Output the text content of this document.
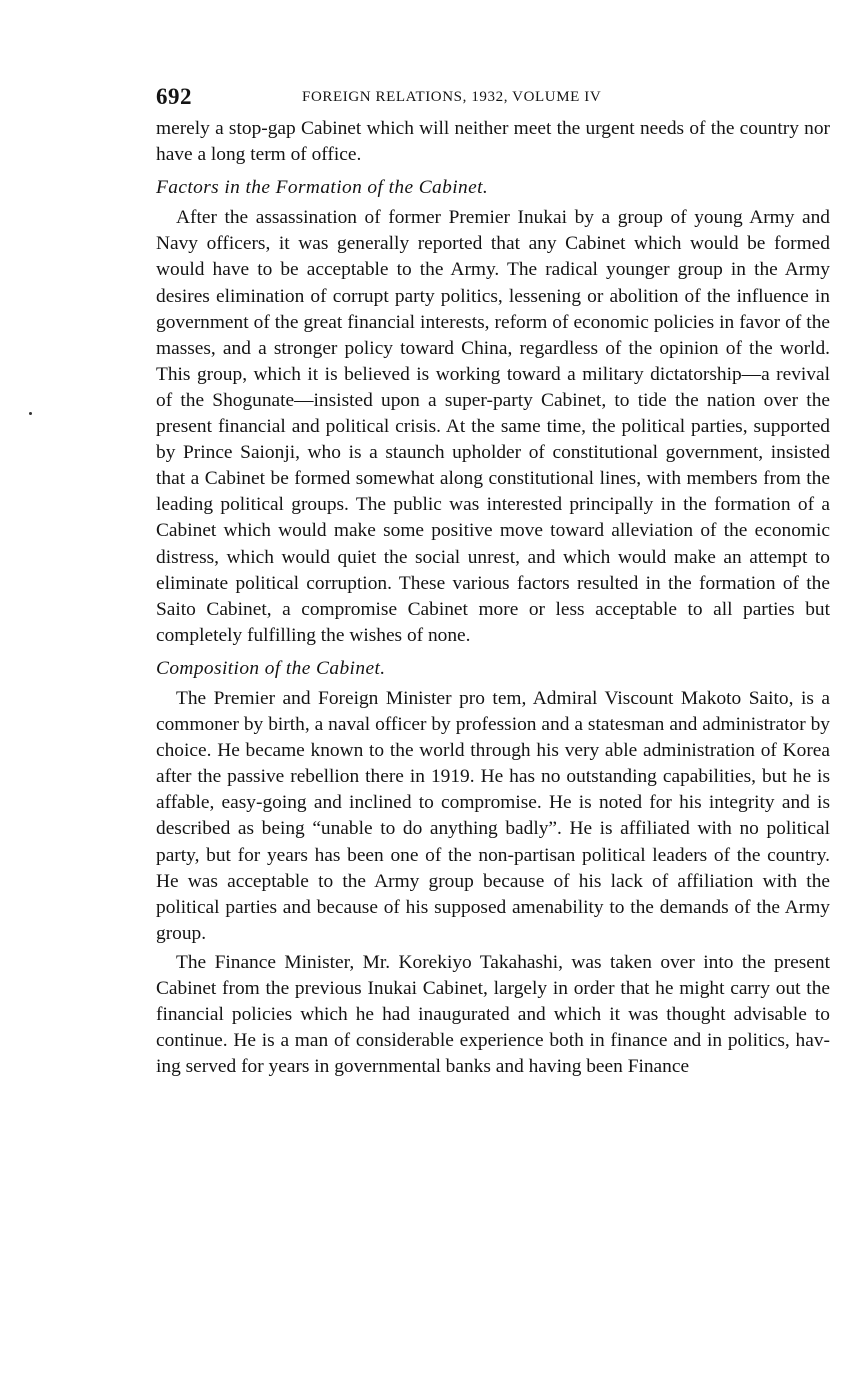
692	FOREIGN RELATIONS, 1932, VOLUME IV

merely a stop-gap Cabinet which will neither meet the urgent needs of the country nor have a long term of office.

Factors in the Formation of the Cabinet.

After the assassination of former Premier Inukai by a group of young Army and Navy officers, it was generally reported that any Cabinet which would be formed would have to be acceptable to the Army. The radical younger group in the Army desires elimination of corrupt party politics, lessening or abolition of the influence in government of the great financial interests, reform of economic policies in favor of the masses, and a stronger policy toward China, regardless of the opinion of the world. This group, which it is believed is working toward a military dictatorship—a revival of the Shogunate—insisted upon a super-party Cabinet, to tide the nation over the present financial and political crisis. At the same time, the political parties, supported by Prince Saionji, who is a staunch upholder of constitutional government, insisted that a Cabinet be formed somewhat along constitutional lines, with members from the leading political groups. The public was interested principally in the formation of a Cabinet which would make some positive move toward alleviation of the economic distress, which would quiet the social unrest, and which would make an attempt to eliminate political corruption. These various factors resulted in the formation of the Saito Cabinet, a compromise Cabinet more or less acceptable to all parties but completely fulfilling the wishes of none.

Composition of the Cabinet.

The Premier and Foreign Minister pro tem, Admiral Viscount Makoto Saito, is a commoner by birth, a naval officer by profession and a statesman and administrator by choice. He became known to the world through his very able administration of Korea after the passive rebellion there in 1919. He has no outstanding capabilities, but he is affable, easy-going and inclined to compromise. He is noted for his integrity and is described as being “unable to do anything badly”. He is affiliated with no political party, but for years has been one of the non-partisan political leaders of the country. He was acceptable to the Army group because of his lack of affiliation with the political parties and because of his supposed amenability to the demands of the Army group.

The Finance Minister, Mr. Korekiyo Takahashi, was taken over into the present Cabinet from the previous Inukai Cabinet, largely in order that he might carry out the financial policies which he had inaugurated and which it was thought advisable to continue. He is a man of considerable experience both in finance and in politics, having served for years in governmental banks and having been Finance
